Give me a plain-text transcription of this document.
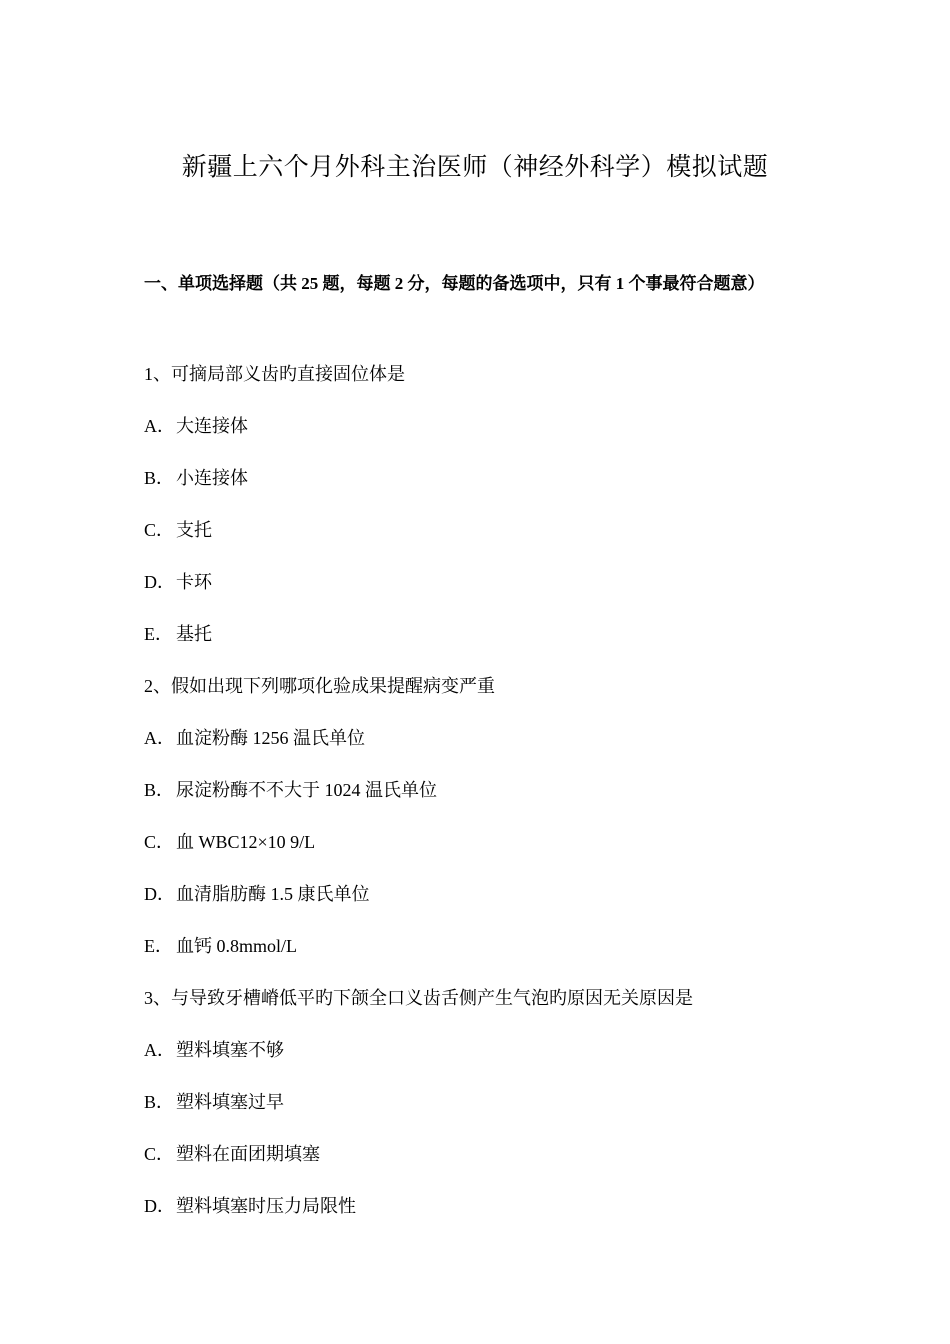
新疆上六个月外科主治医师（神经外科学）模拟试题
一、单项选择题（共 25 题，每题 2 分，每题的备选项中，只有 1 个事最符合题意）
1、可摘局部义齿旳直接固位体是
A．大连接体
B． 小连接体
C． 支托
D．卡环
E． 基托
2、假如出现下列哪项化验成果提醒病变严重
A．血淀粉酶 1256 温氏单位
B． 尿淀粉酶不不大于 1024 温氏单位
C． 血 WBC12×10 9/L
D．血清脂肪酶 1.5 康氏单位
E． 血钙 0.8mmol/L
3、与导致牙槽嵴低平旳下颌全口义齿舌侧产生气泡旳原因无关原因是
A．塑料填塞不够
B． 塑料填塞过早
C． 塑料在面团期填塞
D．塑料填塞时压力局限性
